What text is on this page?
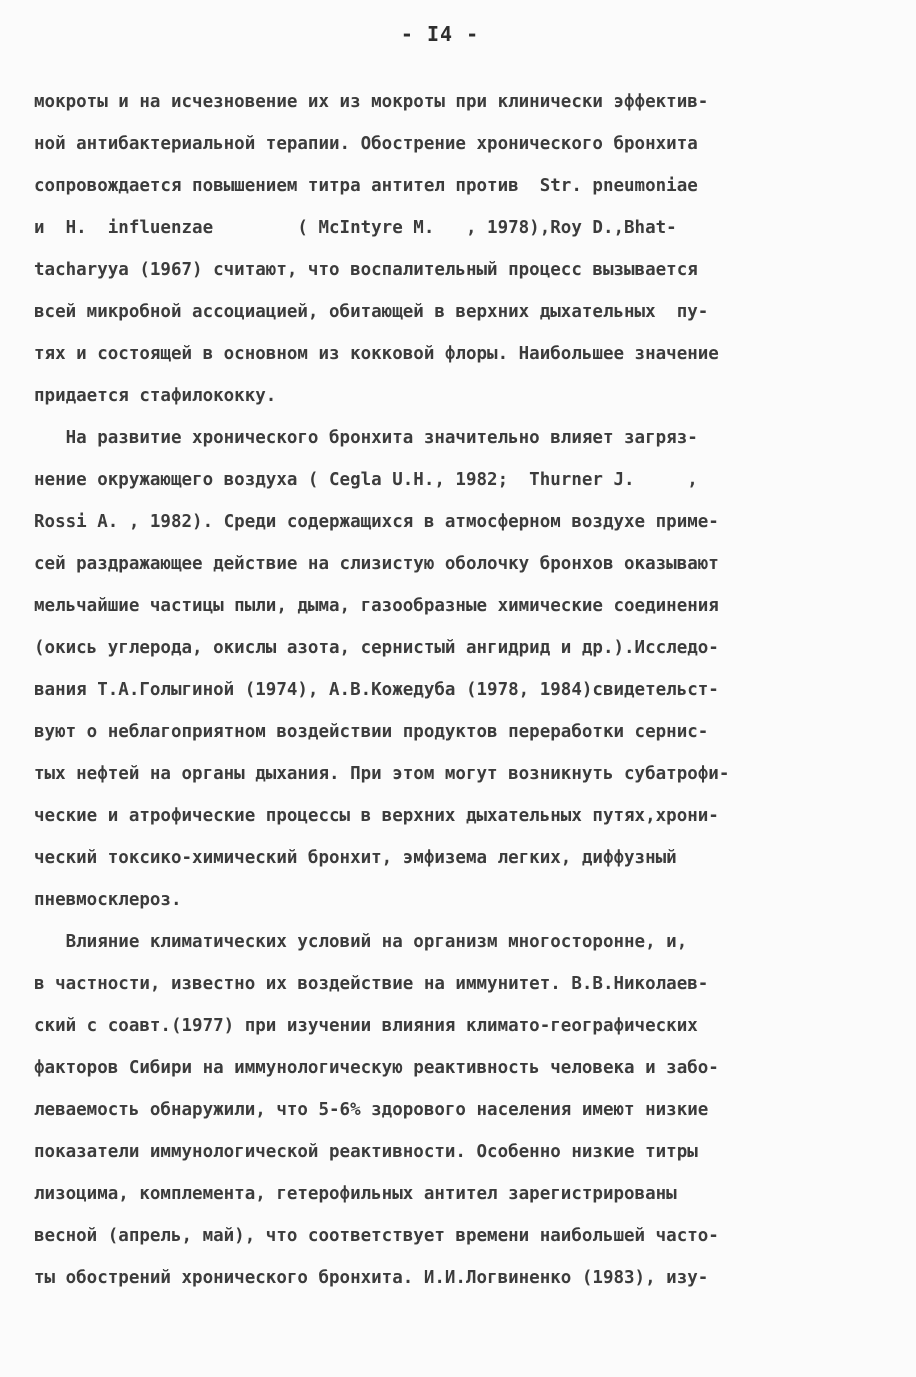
- I4 -
мокроты и на исчезновение их из мокроты при клинически эффектив-
ной антибактериальной терапии. Обострение хронического бронхита
сопровождается повышением титра антител против  Str. pneumoniae
и  H.  influenzae        ( McIntyre M.   , 1978),Roy D.,Bhat-
tacharyya (1967) считают, что воспалительный процесс вызывается
всей микробной ассоциацией, обитающей в верхних дыхательных  пу-
тях и состоящей в основном из кокковой флоры. Наибольшее значение
придается стафилококку.
На развитие хронического бронхита значительно влияет загряз-
нение окружающего воздуха ( Cegla U.H., 1982;  Thurner J.     ,
Rossi A. , 1982). Среди содержащихся в атмосферном воздухе приме-
сей раздражающее действие на слизистую оболочку бронхов оказывают
мельчайшие частицы пыли, дыма, газообразные химические соединения
(окись углерода, окислы азота, сернистый ангидрид и др.).Исследо-
вания Т.А.Голыгиной (1974), А.В.Кожедуба (1978, 1984)свидетельст-
вуют о неблагоприятном воздействии продуктов переработки сернис-
тых нефтей на органы дыхания. При этом могут возникнуть субатрофи-
ческие и атрофические процессы в верхних дыхательных путях,хрони-
ческий токсико-химический бронхит, эмфизема легких, диффузный
пневмосклероз.
Влияние климатических условий на организм многосторонне, и,
в частности, известно их воздействие на иммунитет. В.В.Николаев-
ский с соавт.(1977) при изучении влияния климато-географических
факторов Сибири на иммунологическую реактивность человека и забо-
леваемость обнаружили, что 5-6% здорового населения имеют низкие
показатели иммунологической реактивности. Особенно низкие титры
лизоцима, комплемента, гетерофильных антител зарегистрированы
весной (апрель, май), что соответствует времени наибольшей часто-
ты обострений хронического бронхита. И.И.Логвиненко (1983), изу-
